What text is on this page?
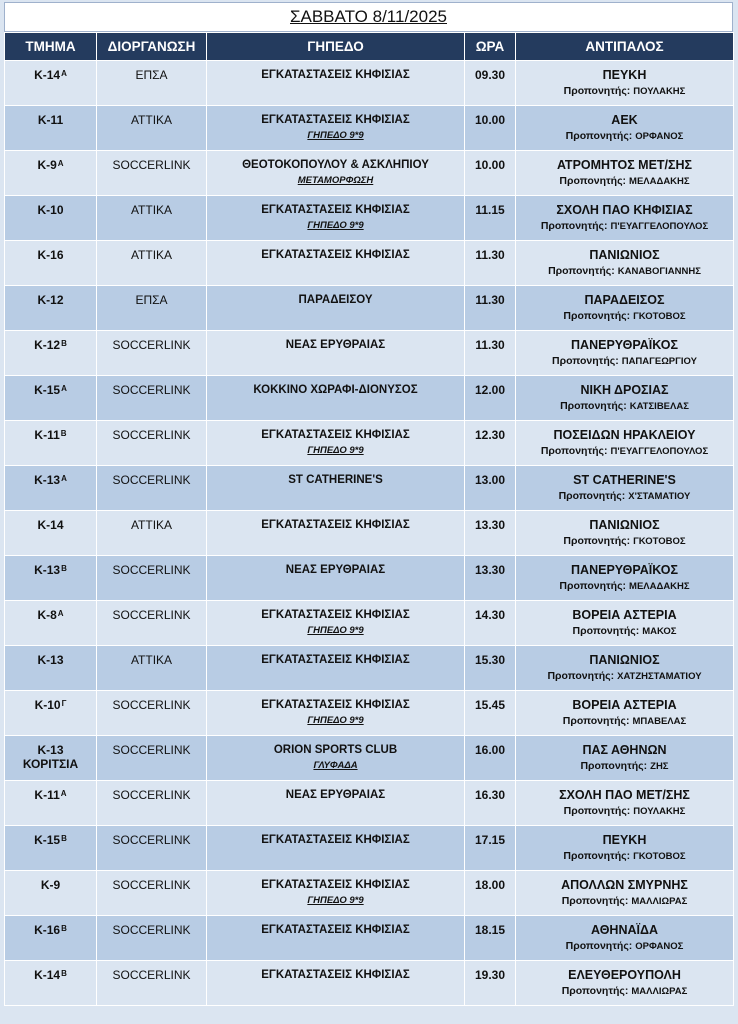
ΣΑΒΒΑΤΟ 8/11/2025
ΤΜΗΜΑ	ΔΙΟΡΓΑΝΩΣΗ	ΓΗΠΕΔΟ	ΩΡΑ	ΑΝΤΙΠΑΛΟΣ

$K-14^A$	ΕΠΣΑ	ΕΓΚΑΤΑΣΤΑΣΕΙΣ ΚΗΦΙΣΙΑΣ	09.30	ΠΕΥΚΗ
Προπονητής: ΠΟΥΛΑΚΗΣ

Κ-11	ΑΤΤΙΚΑ	ΕΓΚΑΤΑΣΤΑΣΕΙΣ ΚΗΦΙΣΙΑΣ
ΓΗΠΕΔΟ 9*9	10.00	ΑΕΚ
Προπονητής: ΟΡΦΑΝΟΣ

$K-9^A$	SOCCERLINK	ΘΕΟΤΟΚΟΠΟΥΛΟΥ & ΑΣΚΛΗΠΙΟΥ
ΜΕΤΑΜΟΡΦΩΣΗ	10.00	ΑΤΡΟΜΗΤΟΣ ΜΕΤ/ΣΗΣ
Προπονητής: ΜΕΛΑΔΑΚΗΣ

Κ-10	ΑΤΤΙΚΑ	ΕΓΚΑΤΑΣΤΑΣΕΙΣ ΚΗΦΙΣΙΑΣ
ΓΗΠΕΔΟ 9*9	11.15	ΣΧΟΛΗ ΠΑΟ ΚΗΦΙΣΙΑΣ
Προπονητής: Π'ΕΥΑΓΓΕΛΟΠΟΥΛΟΣ

Κ-16	ΑΤΤΙΚΑ	ΕΓΚΑΤΑΣΤΑΣΕΙΣ ΚΗΦΙΣΙΑΣ	11.30	ΠΑΝΙΩΝΙΟΣ
Προπονητής: ΚΑΝΑΒΟΓΙΑΝΝΗΣ

Κ-12	ΕΠΣΑ	ΠΑΡΑΔΕΙΣΟΥ	11.30	ΠΑΡΑΔΕΙΣΟΣ
Προπονητής: ΓΚΟΤΟΒΟΣ

$K-12^B$	SOCCERLINK	ΝΕΑΣ ΕΡΥΘΡΑΙΑΣ	11.30	ΠΑΝΕΡΥΘΡΑΪΚΟΣ
Προπονητής: ΠΑΠΑΓΕΩΡΓΙΟΥ

$K-15^A$	SOCCERLINK	ΚΟΚΚΙΝΟ ΧΩΡΑΦΙ-ΔΙΟΝΥΣΟΣ	12.00	ΝΙΚΗ ΔΡΟΣΙΑΣ
Προπονητής: ΚΑΤΣΙΒΕΛΑΣ

$K-11^B$	SOCCERLINK	ΕΓΚΑΤΑΣΤΑΣΕΙΣ ΚΗΦΙΣΙΑΣ
ΓΗΠΕΔΟ 9*9	12.30	ΠΟΣΕΙΔΩΝ ΗΡΑΚΛΕΙΟΥ
Προπονητής: Π'ΕΥΑΓΓΕΛΟΠΟΥΛΟΣ

$K-13^A$	SOCCERLINK	ST CATHERINE'S	13.00	ST CATHERINE'S
Προπονητής: Χ'ΣΤΑΜΑΤΙΟΥ

Κ-14	ΑΤΤΙΚΑ	ΕΓΚΑΤΑΣΤΑΣΕΙΣ ΚΗΦΙΣΙΑΣ	13.30	ΠΑΝΙΩΝΙΟΣ
Προπονητής: ΓΚΟΤΟΒΟΣ

$K-13^B$	SOCCERLINK	ΝΕΑΣ ΕΡΥΘΡΑΙΑΣ	13.30	ΠΑΝΕΡΥΘΡΑΪΚΟΣ
Προπονητής: ΜΕΛΑΔΑΚΗΣ

$K-8^A$	SOCCERLINK	ΕΓΚΑΤΑΣΤΑΣΕΙΣ ΚΗΦΙΣΙΑΣ
ΓΗΠΕΔΟ 9*9	14.30	ΒΟΡΕΙΑ ΑΣΤΕΡΙΑ
Προπονητής: ΜΑΚΟΣ

Κ-13	ΑΤΤΙΚΑ	ΕΓΚΑΤΑΣΤΑΣΕΙΣ ΚΗΦΙΣΙΑΣ	15.30	ΠΑΝΙΩΝΙΟΣ
Προπονητής: ΧΑΤΖΗΣΤΑΜΑΤΙΟΥ

$K-10^\Gamma$	SOCCERLINK	ΕΓΚΑΤΑΣΤΑΣΕΙΣ ΚΗΦΙΣΙΑΣ
ΓΗΠΕΔΟ 9*9	15.45	ΒΟΡΕΙΑ ΑΣΤΕΡΙΑ
Προπονητής: ΜΠΑΒΕΛΑΣ

Κ-13
ΚΟΡΙΤΣΙΑ	SOCCERLINK	ORION SPORTS CLUB
ΓΛΥΦΑΔΑ	16.00	ΠΑΣ ΑΘΗΝΩΝ
Προπονητής: ΖΗΣ

$K-11^A$	SOCCERLINK	ΝΕΑΣ ΕΡΥΘΡΑΙΑΣ	16.30	ΣΧΟΛΗ ΠΑΟ ΜΕΤ/ΣΗΣ
Προπονητής: ΠΟΥΛΑΚΗΣ

$K-15^B$	SOCCERLINK	ΕΓΚΑΤΑΣΤΑΣΕΙΣ ΚΗΦΙΣΙΑΣ	17.15	ΠΕΥΚΗ
Προπονητής: ΓΚΟΤΟΒΟΣ

Κ-9	SOCCERLINK	ΕΓΚΑΤΑΣΤΑΣΕΙΣ ΚΗΦΙΣΙΑΣ
ΓΗΠΕΔΟ 9*9	18.00	ΑΠΟΛΛΩΝ ΣΜΥΡΝΗΣ
Προπονητής: ΜΑΛΛΙΩΡΑΣ

$K-16^B$	SOCCERLINK	ΕΓΚΑΤΑΣΤΑΣΕΙΣ ΚΗΦΙΣΙΑΣ	18.15	ΑΘΗΝΑΪΔΑ
Προπονητής: ΟΡΦΑΝΟΣ

$K-14^B$	SOCCERLINK	ΕΓΚΑΤΑΣΤΑΣΕΙΣ ΚΗΦΙΣΙΑΣ	19.30	ΕΛΕΥΘΕΡΟΥΠΟΛΗ
Προπονητής: ΜΑΛΛΙΩΡΑΣ
